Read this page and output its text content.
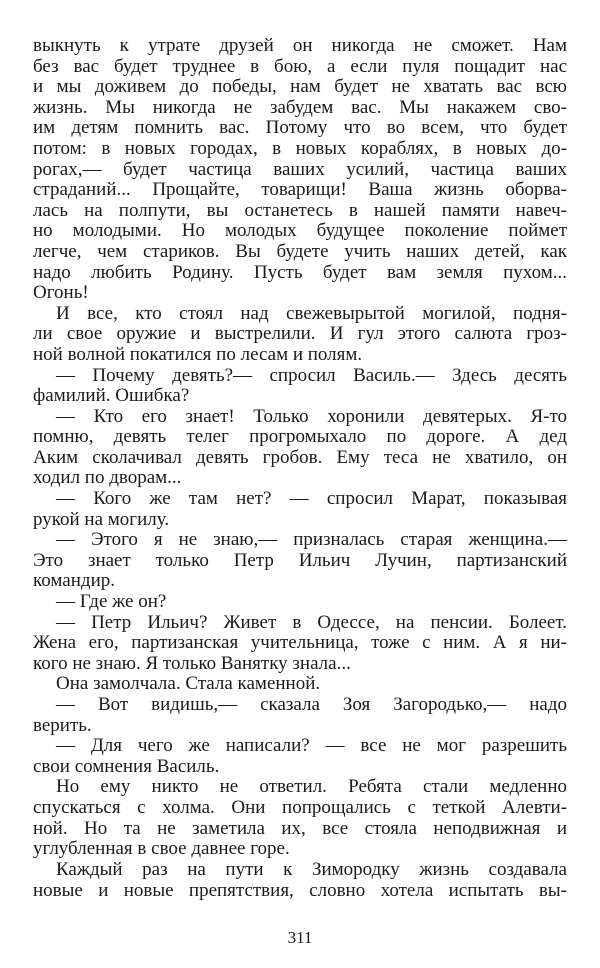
выкнуть к утрате друзей он никогда не сможет. Нам
без вас будет труднее в бою, а если пуля пощадит нас
и мы доживем до победы, нам будет не хватать вас всю
жизнь. Мы никогда не забудем вас. Мы накажем сво-
им детям помнить вас. Потому что во всем, что будет
потом: в новых городах, в новых кораблях, в новых до-
рогах,— будет частица ваших усилий, частица ваших
страданий... Прощайте, товарищи! Ваша жизнь оборва-
лась на полпути, вы останетесь в нашей памяти навеч-
но молодыми. Но молодых будущее поколение поймет
легче, чем стариков. Вы будете учить наших детей, как
надо любить Родину. Пусть будет вам земля пухом...
Огонь!
И все, кто стоял над свежевырытой могилой, подня-
ли свое оружие и выстрелили. И гул этого салюта гроз-
ной волной покатился по лесам и полям.
— Почему девять?— спросил Василь.— Здесь десять
фамилий. Ошибка?
— Кто его знает! Только хоронили девятерых. Я-то
помню, девять телег прогромыхало по дороге. А дед
Аким сколачивал девять гробов. Ему теса не хватило, он
ходил по дворам...
— Кого же там нет? — спросил Марат, показывая
рукой на могилу.
— Этого я не знаю,— призналась старая женщина.—
Это знает только Петр Ильич Лучин, партизанский
командир.
— Где же он?
— Петр Ильич? Живет в Одессе, на пенсии. Болеет.
Жена его, партизанская учительница, тоже с ним. А я ни-
кого не знаю. Я только Ванятку знала...
Она замолчала. Стала каменной.
— Вот видишь,— сказала Зоя Загородько,— надо
верить.
— Для чего же написали? — все не мог разрешить
свои сомнения Василь.
Но ему никто не ответил. Ребята стали медленно
спускаться с холма. Они попрощались с теткой Алевти-
ной. Но та не заметила их, все стояла неподвижная и
углубленная в свое давнее горе.
Каждый раз на пути к Зимородку жизнь создавала
новые и новые препятствия, словно хотела испытать вы-
311
